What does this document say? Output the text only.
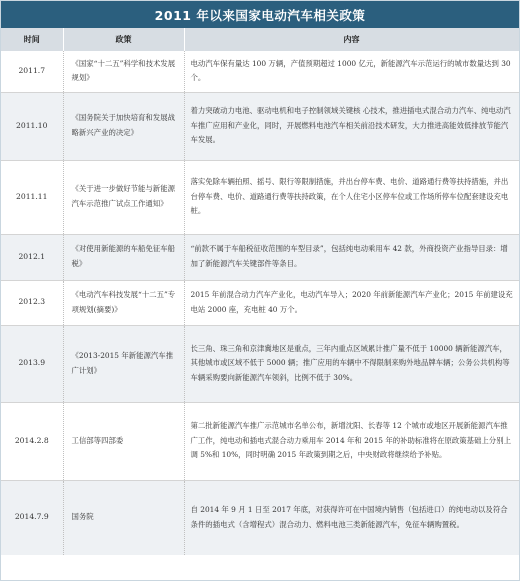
2011 年以来国家电动汽车相关政策
时间	政策	内容
2011.7	《国家“十二五”科学和技术发展规划》	电动汽车保有量达 100 万辆，产值预期超过 1000 亿元，新能源汽车示范运行的城市数量达到 30 个。
2011.10	《国务院关于加快培育和发展战略新兴产业的决定》	着力突破动力电池、驱动电机和电子控制领域关键核 心技术，推进插电式混合动力汽车、纯电动汽车推广应用和产业化，同时，开展燃料电池汽车相关前沿技术研发，大力推进高能效低排放节能汽车发展。
2011.11	《关于进一步做好节能与新能源汽车示范推广试点工作通知》	落实免除车辆拍照、摇号、限行等限制措施，并出台停车费、电价、道路通行费等扶持措施，并出台停车费、电价、道路通行费等扶持政策，在个人住宅小区停车位或工作场所停车位配套建设充电桩。
2012.1	《对使用新能源的车船免征车船税》	“前款不属于车船税征收范围的车型目录”，包括纯电动乘用车 42 款，外商投资产业指导目录：增加了新能源汽车关键部件等条目。
2012.3	《电动汽车科技发展“十二五”专项规划(摘要)》	2015 年前混合动力汽车产业化，电动汽车导入；2020 年前新能源汽车产业化；2015 年前建设充电站 2000 座，充电桩 40 万个。
2013.9	《2013-2015 年新能源汽车推广计划》	长三角、珠三角和京津冀地区是重点，三年内重点区域累计推广量不低于 10000 辆新能源汽车，其他城市或区域不低于 5000 辆；推广应用的车辆中不得限制来购外地品牌车辆；公务公共机构等车辆采购要向新能源汽车领斜，比例不低于 30%。
2014.2.8	工信部等四部委	第二批新能源汽车推广示范城市名单公布，新增沈阳、长春等 12 个城市或地区开展新能源汽车推广工作，纯电动和插电式混合动力乘用车 2014 年和 2015 年的补助标准将在原政策基础上分别上调 5%和 10%，同时明确 2015 年政策到期之后，中央财政将继续给予补贴。
2014.7.9	国务院	自 2014 年 9 月 1 日至 2017 年底，对获得许可在中国境内销售（包括进口）的纯电动以及符合条件的插电式（含增程式）混合动力、燃料电池三类新能源汽车，免征车辆购置税。
